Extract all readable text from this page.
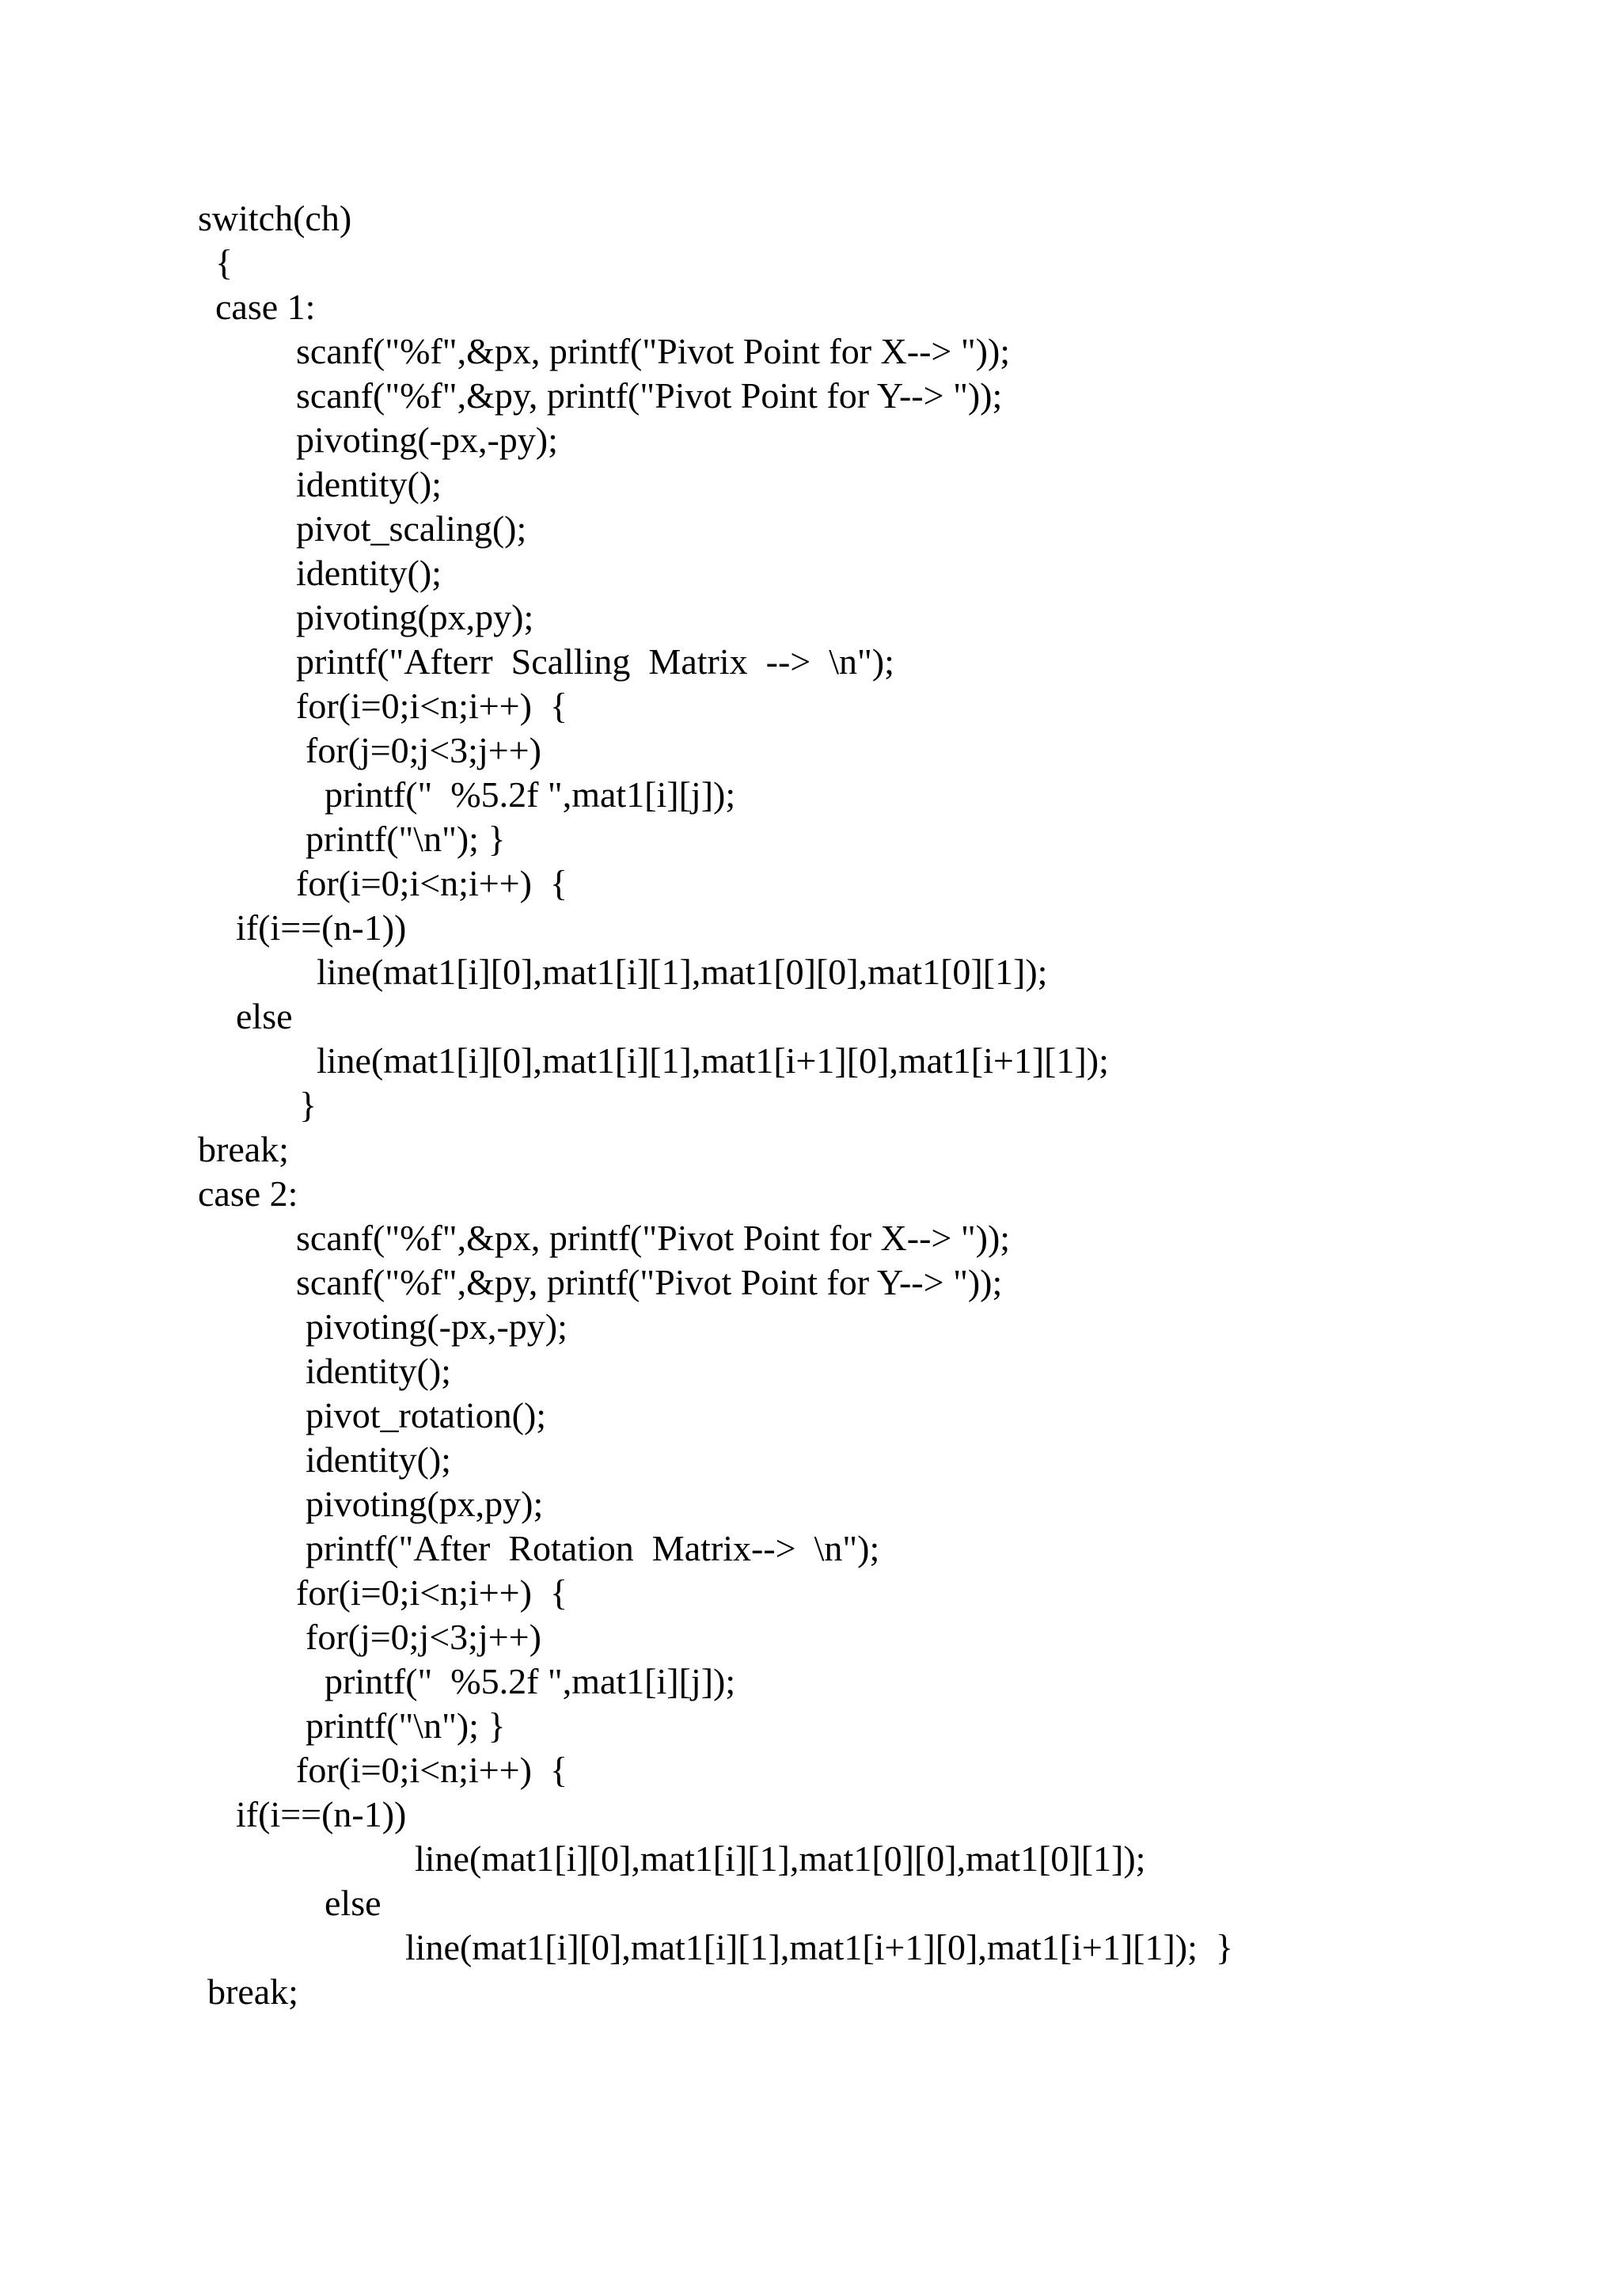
switch(ch)
{
case 1:
scanf("%f",&px, printf("Pivot Point for X--> "));
scanf("%f",&py, printf("Pivot Point for Y--> "));
pivoting(-px,-py);
identity();
pivot_scaling();
identity();
pivoting(px,py);
printf("Afterr  Scalling  Matrix  -->  \n");
for(i=0;i<n;i++)  {
for(j=0;j<3;j++)
printf("  %5.2f ",mat1[i][j]);
printf("\n"); }
for(i=0;i<n;i++)  {
if(i==(n-1))
line(mat1[i][0],mat1[i][1],mat1[0][0],mat1[0][1]);
else
line(mat1[i][0],mat1[i][1],mat1[i+1][0],mat1[i+1][1]);
}
break;
case 2:
scanf("%f",&px, printf("Pivot Point for X--> "));
scanf("%f",&py, printf("Pivot Point for Y--> "));
pivoting(-px,-py);
identity();
pivot_rotation();
identity();
pivoting(px,py);
printf("After  Rotation  Matrix-->  \n");
for(i=0;i<n;i++)  {
for(j=0;j<3;j++)
printf("  %5.2f ",mat1[i][j]);
printf("\n"); }
for(i=0;i<n;i++)  {
if(i==(n-1))
line(mat1[i][0],mat1[i][1],mat1[0][0],mat1[0][1]);
else
line(mat1[i][0],mat1[i][1],mat1[i+1][0],mat1[i+1][1]);  }
break;
